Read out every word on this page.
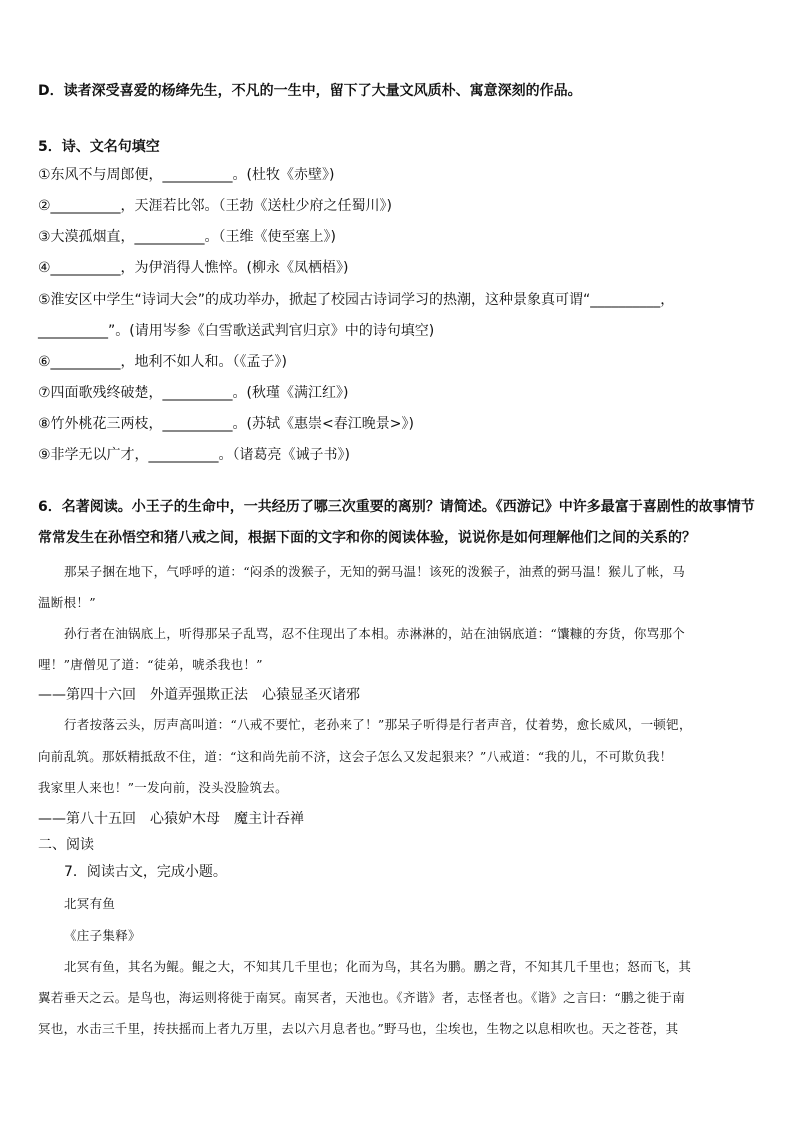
D．读者深受喜爱的杨绛先生，不凡的一生中，留下了大量文风质朴、寓意深刻的作品。
5．诗、文名句填空
①东风不与周郎便，__________。(杜牧《赤壁》)
②__________，天涯若比邻。（王勃《送杜少府之任蜀川》)
③大漠孤烟直，__________。（王维《使至塞上》)
④__________，为伊消得人憔悴。(柳永《凤栖梧》)
⑤淮安区中学生“诗词大会”的成功举办，掀起了校园古诗词学习的热潮，这种景象真可谓“__________，
__________”。(请用岑参《白雪歌送武判官归京》中的诗句填空)
⑥__________，地利不如人和。（《孟子》)
⑦四面歌残终破楚，__________。(秋瑾《满江红》)
⑧竹外桃花三两枝，__________。(苏轼《惠崇<春江晚景>》)
⑨非学无以广才，__________。（诸葛亮《诫子书》)
6．名著阅读。小王子的生命中，一共经历了哪三次重要的离别？请简述。《西游记》中许多最富于喜剧性的故事情节
常常发生在孙悟空和猪八戒之间，根据下面的文字和你的阅读体验，说说你是如何理解他们之间的关系的？
那呆子捆在地下，气呼呼的道：“闷杀的泼猴子，无知的弼马温！该死的泼猴子，油煮的弼马温！猴儿了帐，马
温断根！”
孙行者在油锅底上，听得那呆子乱骂，忍不住现出了本相。赤淋淋的，站在油锅底道：“馕糠的夯货，你骂那个
哩！”唐僧见了道：“徒弟，唬杀我也！”
——第四十六回　外道弄强欺正法　心猿显圣灭诸邪
行者按落云头，厉声高叫道：“八戒不要忙，老孙来了！”那呆子听得是行者声音，仗着势，愈长威风，一顿钯，
向前乱筑。那妖精抵敌不住，道：“这和尚先前不济，这会子怎么又发起狠来？”八戒道：“我的儿，不可欺负我！
我家里人来也！”一发向前，没头没脸筑去。
——第八十五回　心猿妒木母　魔主计吞禅
二、阅读
7．阅读古文，完成小题。
北冥有鱼
《庄子集释》
北冥有鱼，其名为鲲。鲲之大，不知其几千里也；化而为鸟，其名为鹏。鹏之背，不知其几千里也；怒而飞，其
翼若垂天之云。是鸟也，海运则将徙于南冥。南冥者，天池也。《齐谐》者，志怪者也。《谐》之言曰：“鹏之徙于南
冥也，水击三千里，抟扶摇而上者九万里，去以六月息者也。”野马也，尘埃也，生物之以息相吹也。天之苍苍，其
